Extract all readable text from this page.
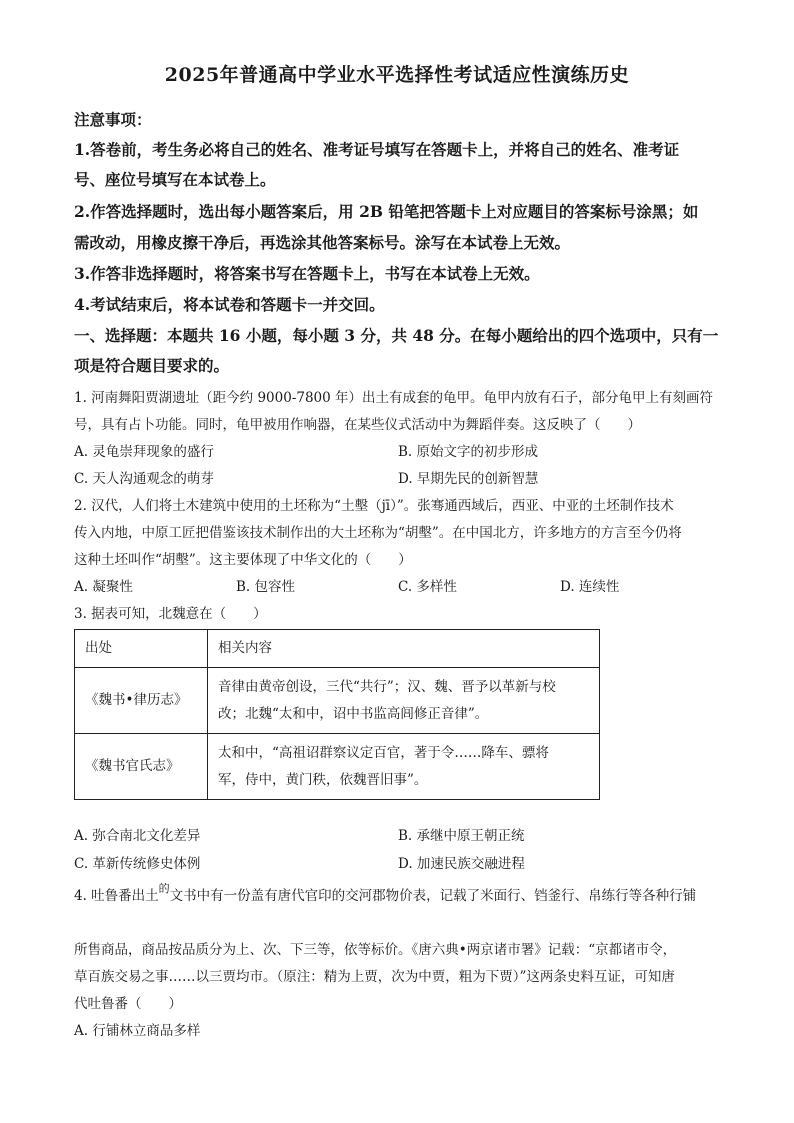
2025年普通高中学业水平选择性考试适应性演练历史
注意事项：
1.答卷前，考生务必将自己的姓名、准考证号填写在答题卡上，并将自己的姓名、准考证
号、座位号填写在本试卷上。
2.作答选择题时，选出每小题答案后，用 2B 铅笔把答题卡上对应题目的答案标号涂黑；如
需改动，用橡皮擦干净后，再选涂其他答案标号。涂写在本试卷上无效。
3.作答非选择题时，将答案书写在答题卡上，书写在本试卷上无效。
4.考试结束后，将本试卷和答题卡一并交回。
一、选择题：本题共 16 小题，每小题 3 分，共 48 分。在每小题给出的四个选项中，只有一
项是符合题目要求的。
1. 河南舞阳贾湖遗址（距今约 9000-7800 年）出土有成套的龟甲。龟甲内放有石子，部分龟甲上有刻画符
号，具有占卜功能。同时，龟甲被用作响器，在某些仪式活动中为舞蹈伴奏。这反映了（　　）
A. 灵龟崇拜现象的盛行	B. 原始文字的初步形成
C. 天人沟通观念的萌芽	D. 早期先民的创新智慧
2. 汉代，人们将土木建筑中使用的土坯称为“土墼（jī）”。张骞通西域后，西亚、中亚的土坯制作技术
传入内地，中原工匠把借鉴该技术制作出的大土坯称为“胡墼”。在中国北方，许多地方的方言至今仍将
这种土坯叫作“胡墼”。这主要体现了中华文化的（　　）
A. 凝聚性	B. 包容性	C. 多样性	D. 连续性
3. 据表可知，北魏意在（　　）
出处	相关内容
《魏书•律历志》	音律由黄帝创设，三代“共行”；汉、魏、晋予以革新与校
改；北魏“太和中，诏中书监高闾修正音律”。

《魏书官氏志》	太和中，“高祖诏群察议定百官，著于令……降车、骠将
军，侍中，黄门秩，依魏晋旧事”。
A. 弥合南北文化差异	B. 承继中原王朝正统
C. 革新传统修史体例	D. 加速民族交融进程
4. 吐鲁番出土$^的$文书中有一份盖有唐代官印的交河郡物价表，记载了米面行、铛釜行、帛练行等各种行铺
所售商品，商品按品质分为上、次、下三等，依等标价。《唐六典•两京诸市署》记载：“京都诸市令，
草百族交易之事……以三贾均市。（原注：精为上贾，次为中贾，粗为下贾）”这两条史料互证，可知唐
代吐鲁番（　　）
A. 行铺林立商品多样
